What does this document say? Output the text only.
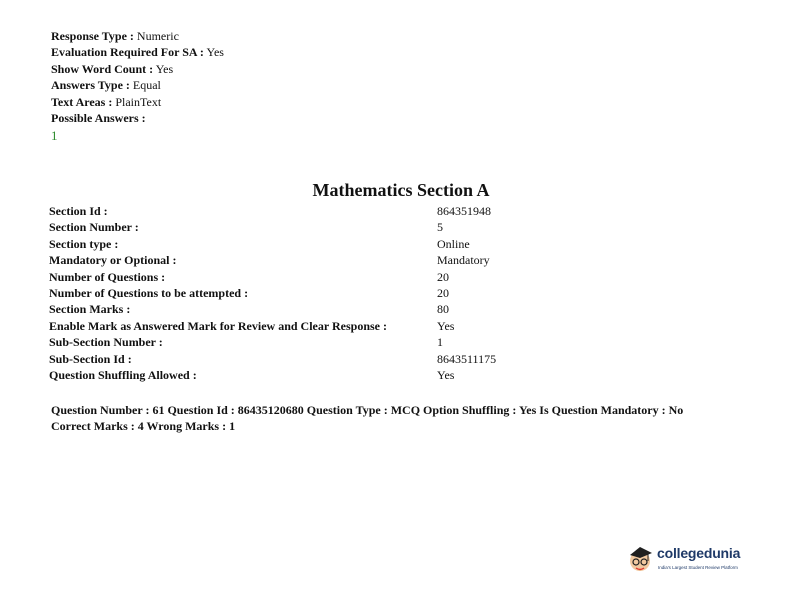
Response Type : Numeric
Evaluation Required For SA : Yes
Show Word Count : Yes
Answers Type : Equal
Text Areas : PlainText
Possible Answers :
1
Mathematics Section A
Section Id :	864351948
Section Number :	5
Section type :	Online
Mandatory or Optional :	Mandatory
Number of Questions :	20
Number of Questions to be attempted :	20
Section Marks :	80
Enable Mark as Answered Mark for Review and Clear Response :	Yes
Sub-Section Number :	1
Sub-Section Id :	8643511175
Question Shuffling Allowed :	Yes
Question Number : 61 Question Id : 86435120680 Question Type : MCQ Option Shuffling : Yes Is Question Mandatory : No
Correct Marks : 4 Wrong Marks : 1
collegedunia
India's Largest Student Review Platform
